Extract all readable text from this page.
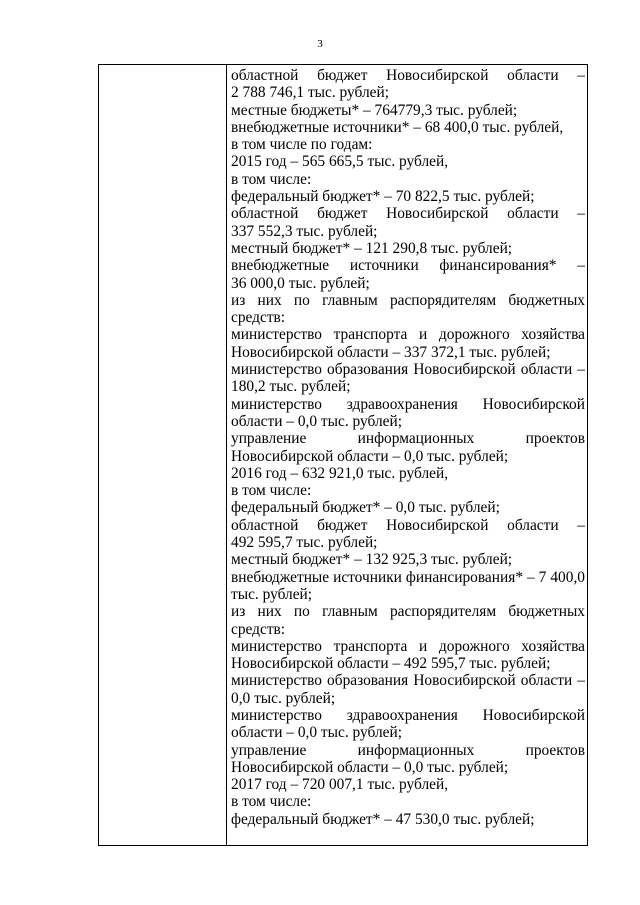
3
областной бюджет Новосибирской области –
2 788 746,1 тыс. рублей;
местные бюджеты* – 764779,3 тыс. рублей;
внебюджетные источники* – 68 400,0 тыс. рублей,
в том числе по годам:
2015 год – 565 665,5 тыс. рублей,
в том числе:
федеральный бюджет* – 70 822,5 тыс. рублей;
областной бюджет Новосибирской области –
337 552,3 тыс. рублей;
местный бюджет* – 121 290,8 тыс. рублей;
внебюджетные источники финансирования* –
36 000,0 тыс. рублей;
из них по главным распорядителям бюджетных
средств:
министерство транспорта и дорожного хозяйства
Новосибирской области – 337 372,1 тыс. рублей;
министерство образования Новосибирской области –
180,2 тыс. рублей;
министерство здравоохранения Новосибирской
области – 0,0 тыс. рублей;
управление информационных проектов
Новосибирской области – 0,0 тыс. рублей;
2016 год – 632 921,0 тыс. рублей,
в том числе:
федеральный бюджет* – 0,0 тыс. рублей;
областной бюджет Новосибирской области –
492 595,7 тыс. рублей;
местный бюджет* – 132 925,3 тыс. рублей;
внебюджетные источники финансирования* – 7 400,0
тыс. рублей;
из них по главным распорядителям бюджетных
средств:
министерство транспорта и дорожного хозяйства
Новосибирской области – 492 595,7 тыс. рублей;
министерство образования Новосибирской области –
0,0 тыс. рублей;
министерство здравоохранения Новосибирской
области – 0,0 тыс. рублей;
управление информационных проектов
Новосибирской области – 0,0 тыс. рублей;
2017 год – 720 007,1 тыс. рублей,
в том числе:
федеральный бюджет* – 47 530,0 тыс. рублей;
